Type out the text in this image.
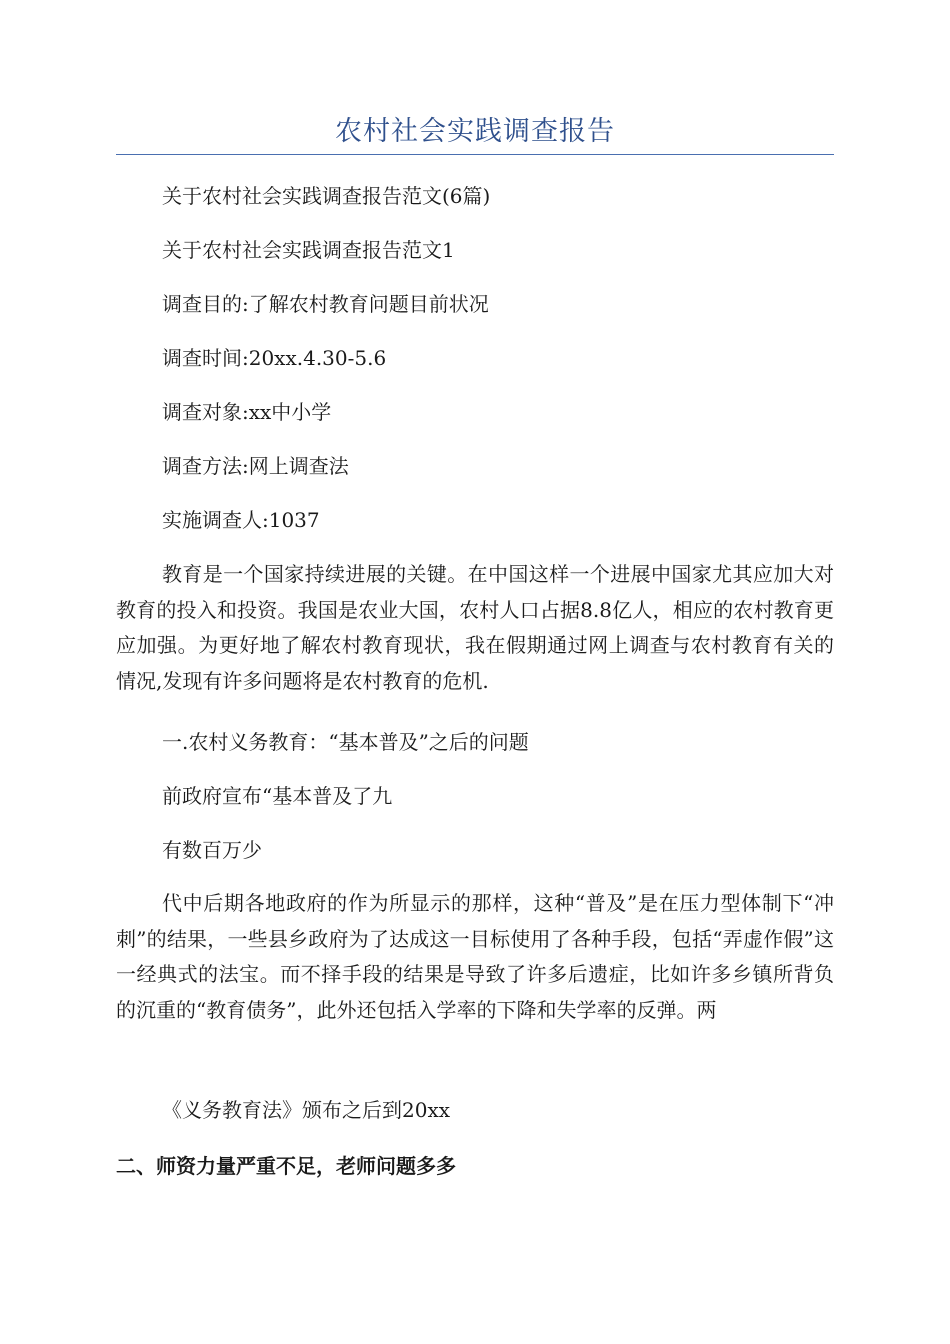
农村社会实践调查报告
关于农村社会实践调查报告范文(6篇)
关于农村社会实践调查报告范文1
调查目的:了解农村教育问题目前状况
调查时间:20xx.4.30-5.6
调查对象:xx中小学
调查方法:网上调查法
实施调查人:1037
教育是一个国家持续进展的关键。在中国这样一个进展中国家尤其应加大对教育的投入和投资。我国是农业大国，农村人口占据8.8亿人，相应的农村教育更应加强。为更好地了解农村教育现状，我在假期通过网上调查与农村教育有关的情况,发现有许多问题将是农村教育的危机.
一.农村义务教育：“基本普及”之后的问题
前政府宣布“基本普及了九
有数百万少
代中后期各地政府的作为所显示的那样，这种“普及”是在压力型体制下“冲刺”的结果，一些县乡政府为了达成这一目标使用了各种手段，包括“弄虚作假”这一经典式的法宝。而不择手段的结果是导致了许多后遗症，比如许多乡镇所背负的沉重的“教育债务”，此外还包括入学率的下降和失学率的反弹。两
《义务教育法》颁布之后到20xx
二、师资力量严重不足，老师问题多多
